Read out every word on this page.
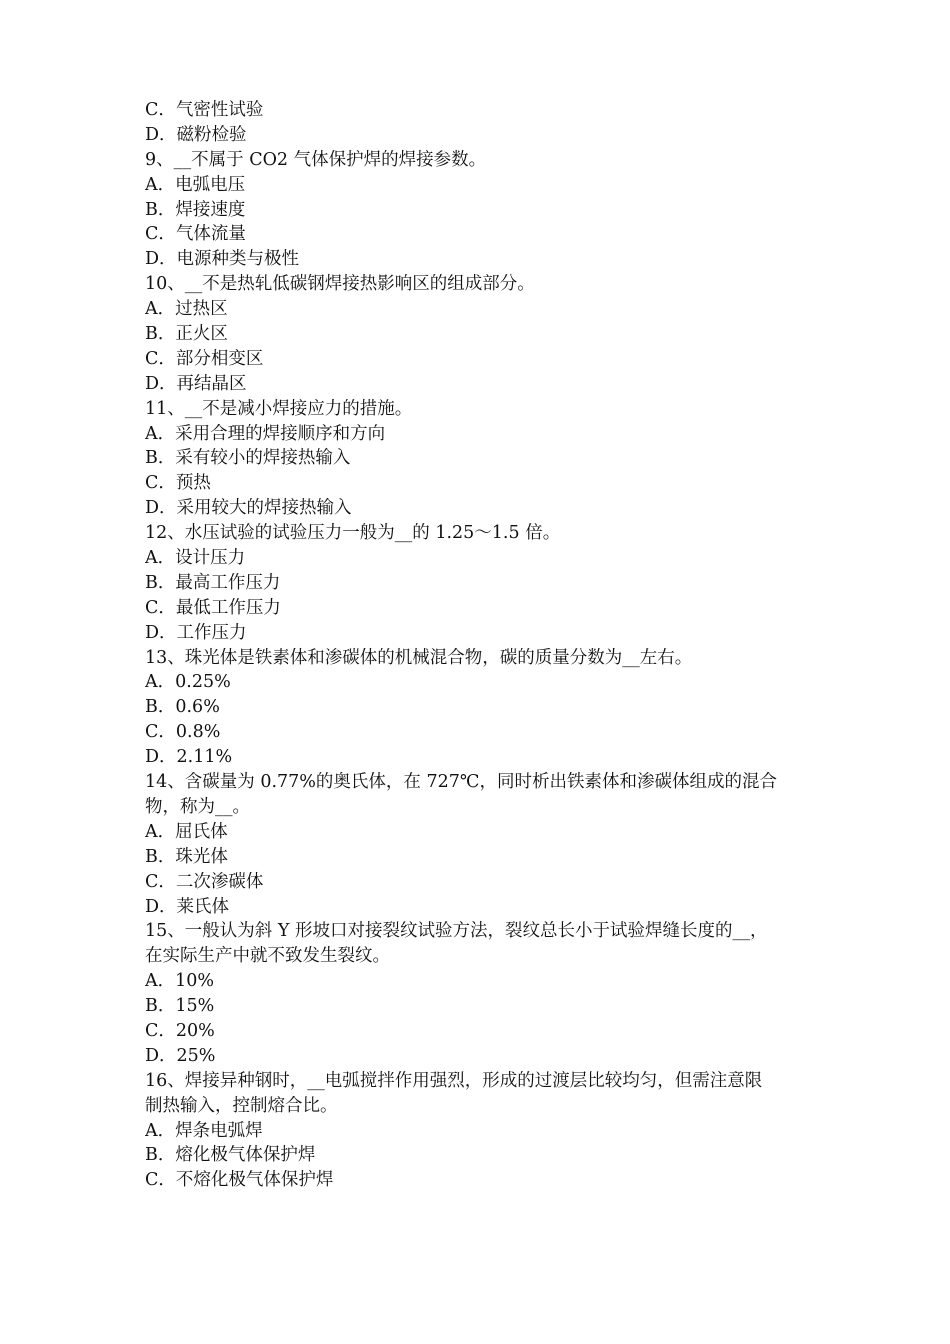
C．气密性试验
D．磁粉检验
9、__不属于 CO2 气体保护焊的焊接参数。
A．电弧电压
B．焊接速度
C．气体流量
D．电源种类与极性
10、__不是热轧低碳钢焊接热影响区的组成部分。
A．过热区
B．正火区
C．部分相变区
D．再结晶区
11、__不是减小焊接应力的措施。
A．采用合理的焊接顺序和方向
B．采有较小的焊接热输入
C．预热
D．采用较大的焊接热输入
12、水压试验的试验压力一般为__的 1.25～1.5 倍。
A．设计压力
B．最高工作压力
C．最低工作压力
D．工作压力
13、珠光体是铁素体和渗碳体的机械混合物，碳的质量分数为__左右。
A．0.25%
B．0.6%
C．0.8%
D．2.11%
14、含碳量为 0.77%的奥氏体，在 727℃，同时析出铁素体和渗碳体组成的混合
物，称为__。
A．屈氏体
B．珠光体
C．二次渗碳体
D．莱氏体
15、一般认为斜 Y 形坡口对接裂纹试验方法，裂纹总长小于试验焊缝长度的__，
在实际生产中就不致发生裂纹。
A．10%
B．15%
C．20%
D．25%
16、焊接异种钢时，__电弧搅拌作用强烈，形成的过渡层比较均匀，但需注意限
制热输入，控制熔合比。
A．焊条电弧焊
B．熔化极气体保护焊
C．不熔化极气体保护焊
